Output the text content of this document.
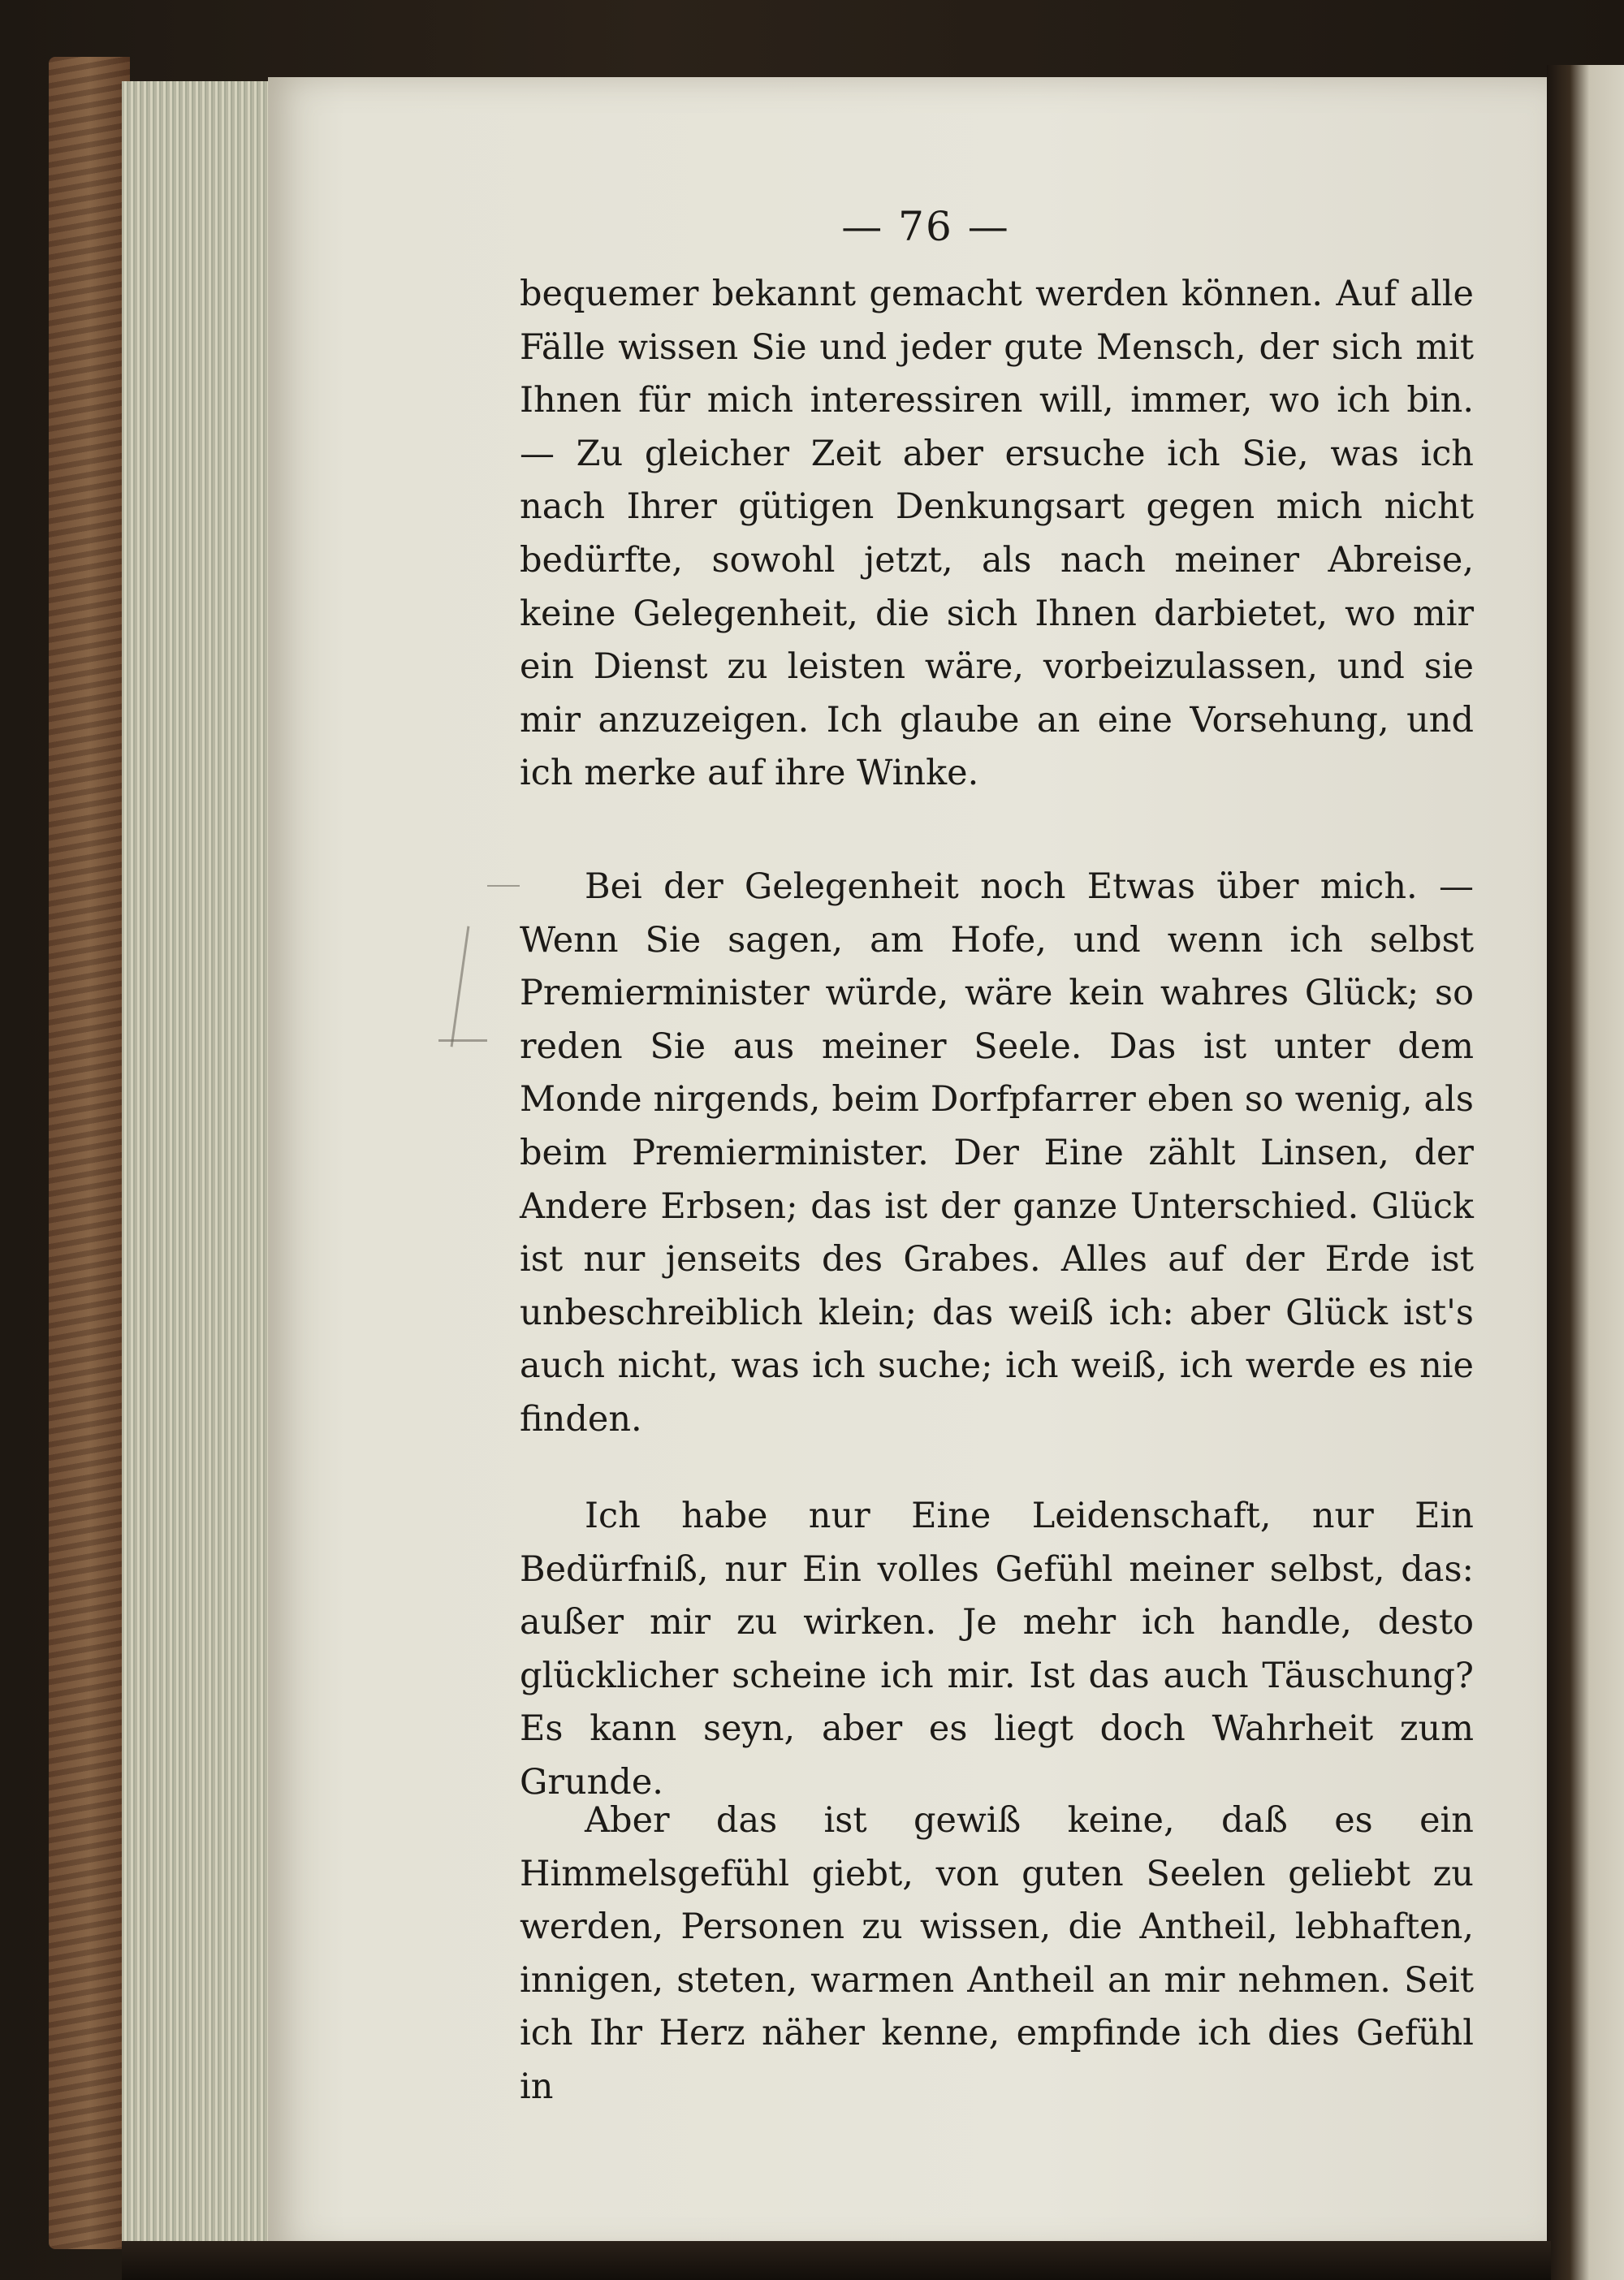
— 76 —
bequemer bekannt gemacht werden können. Auf alle Fälle wissen Sie und jeder gute Mensch, der sich mit Ihnen für mich interessiren will, immer, wo ich bin. — Zu gleicher Zeit aber ersuche ich Sie, was ich nach Ihrer gütigen Denkungsart gegen mich nicht bedürfte, sowohl jetzt, als nach meiner Abreise, keine Gelegenheit, die sich Ihnen darbietet, wo mir ein Dienst zu leisten wäre, vorbeizulassen, und sie mir anzuzeigen. Ich glaube an eine Vorsehung, und ich merke auf ihre Winke.
Bei der Gelegenheit noch Etwas über mich. — Wenn Sie sagen, am Hofe, und wenn ich selbst Premierminister würde, wäre kein wahres Glück; so reden Sie aus meiner Seele. Das ist unter dem Monde nirgends, beim Dorfpfarrer eben so wenig, als beim Premierminister. Der Eine zählt Linsen, der Andere Erbsen; das ist der ganze Unterschied. Glück ist nur jenseits des Grabes. Alles auf der Erde ist unbeschreiblich klein; das weiß ich: aber Glück ist's auch nicht, was ich suche; ich weiß, ich werde es nie finden.
Ich habe nur Eine Leidenschaft, nur Ein Bedürfniß, nur Ein volles Gefühl meiner selbst, das: außer mir zu wirken. Je mehr ich handle, desto glücklicher scheine ich mir. Ist das auch Täuschung? Es kann seyn, aber es liegt doch Wahrheit zum Grunde.
Aber das ist gewiß keine, daß es ein Himmelsgefühl giebt, von guten Seelen geliebt zu werden, Personen zu wissen, die Antheil, lebhaften, innigen, steten, warmen Antheil an mir nehmen. Seit ich Ihr Herz näher kenne, empfinde ich dies Gefühl in
